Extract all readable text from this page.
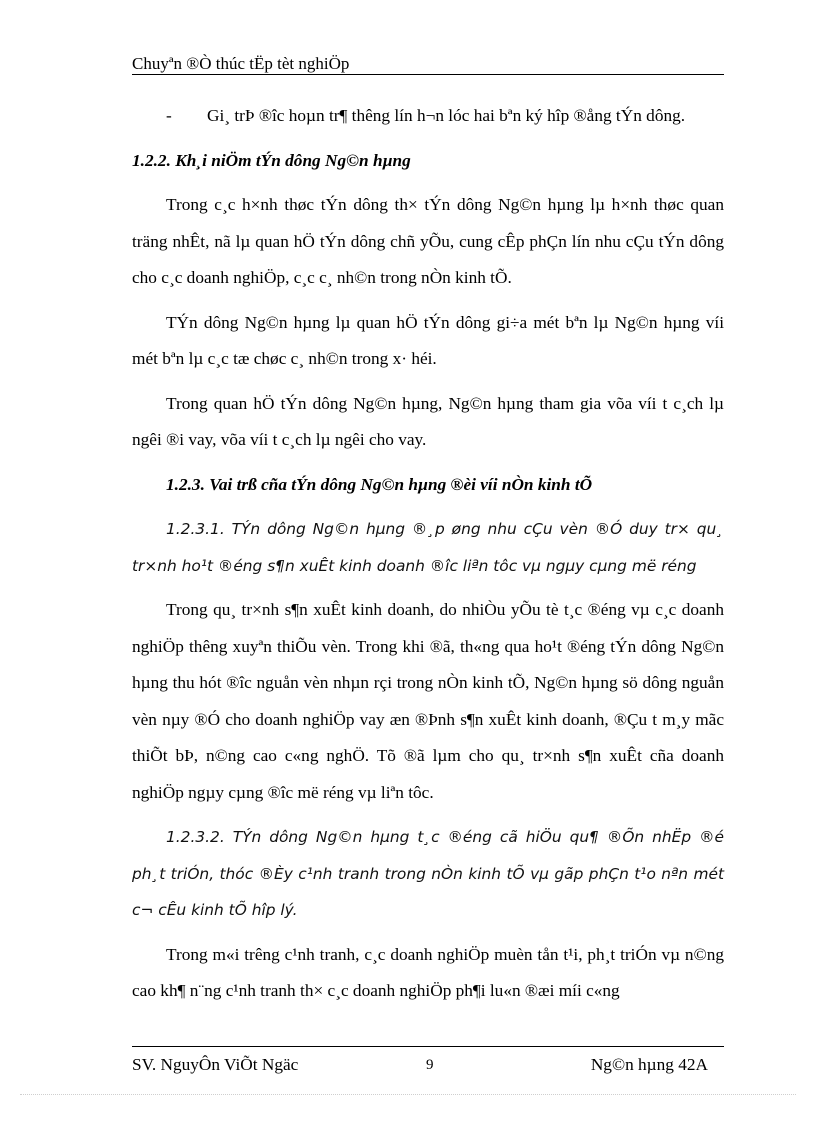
Chuyªn ®Ò thúc tËp tèt nghiÖp
-	Gi¸ trÞ ®îc hoµn tr¶ thêng lín h¬n lóc hai bªn ký hîp ®ång tÝn dông.
1.2.2. Kh¸i niÖm tÝn dông Ng©n hµng

Trong c¸c h×nh thøc tÝn dông th× tÝn dông Ng©n hµng lµ h×nh thøc quan träng nhÊt, nã lµ quan hÖ tÝn dông chñ yÕu, cung cÊp phÇn lín nhu cÇu tÝn dông cho c¸c doanh nghiÖp, c¸c c¸ nh©n trong nÒn kinh tÕ.

TÝn dông Ng©n hµng lµ quan hÖ tÝn dông gi÷a mét bªn lµ Ng©n hµng víi mét bªn lµ c¸c tæ chøc c¸ nh©n trong x· héi.

Trong quan hÖ tÝn dông Ng©n hµng, Ng©n hµng tham gia võa víi t c¸ch lµ ngêi ®i vay, võa víi t c¸ch lµ ngêi cho vay.

1.2.3. Vai trß cña tÝn dông Ng©n hµng ®èi víi nÒn kinh tÕ

1.2.3.1. TÝn dông Ng©n hµng ®¸p øng nhu cÇu vèn ®Ó duy tr× qu¸ tr×nh ho¹t ®éng s¶n xuÊt kinh doanh ®îc liªn tôc vµ ngµy cµng më réng

Trong qu¸ tr×nh s¶n xuÊt kinh doanh, do nhiÒu yÕu tè t¸c ®éng vµ c¸c doanh nghiÖp thêng xuyªn thiÕu vèn. Trong khi ®ã, th«ng qua ho¹t ®éng tÝn dông Ng©n hµng thu hót ®îc nguån vèn nhµn rçi trong nÒn kinh tÕ, Ng©n hµng sö dông nguån vèn nµy ®Ó cho doanh nghiÖp vay æn ®Þnh s¶n xuÊt kinh doanh, ®Çu t m¸y mãc thiÕt bÞ, n©ng cao c«ng nghÖ. Tõ ®ã lµm cho qu¸ tr×nh s¶n xuÊt cña doanh nghiÖp ngµy cµng ®îc më réng vµ liªn tôc.

1.2.3.2. TÝn dông Ng©n hµng t¸c ®éng cã hiÖu qu¶ ®Õn nhËp ®é ph¸t triÓn, thóc ®Èy c¹nh tranh trong nÒn kinh tÕ vµ gãp phÇn t¹o nªn mét c¬ cÊu kinh tÕ hîp lý.

Trong m«i trêng c¹nh tranh, c¸c doanh nghiÖp muèn tån t¹i, ph¸t triÓn vµ n©ng cao kh¶ n¨ng c¹nh tranh th× c¸c doanh nghiÖp ph¶i lu«n ®æi míi c«ng

SV. NguyÔn ViÕt Ngäc	9	Ng©n hµng 42A
